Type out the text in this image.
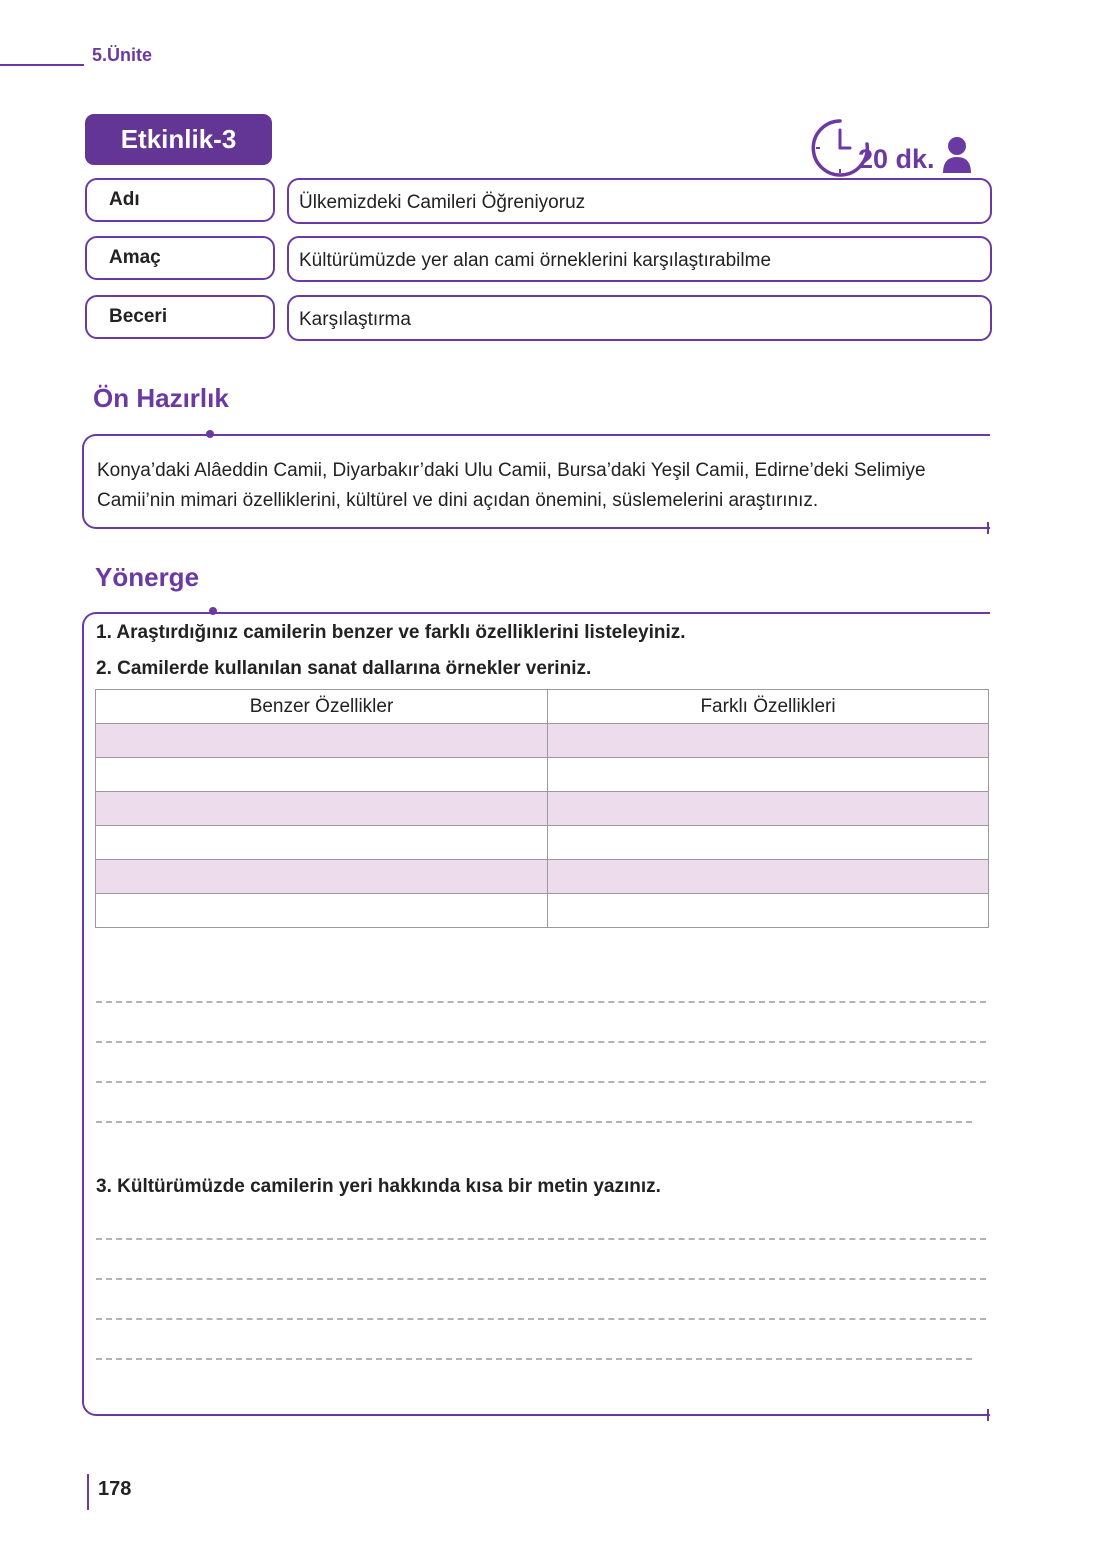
5.Ünite
Etkinlik-3
20 dk.
Adı	Ülkemizdeki Camileri Öğreniyoruz
Amaç	Kültürümüzde yer alan cami örneklerini karşılaştırabilme
Beceri	Karşılaştırma
Ön Hazırlık
Konya’daki Alâeddin Camii, Diyarbakır’daki Ulu Camii, Bursa’daki Yeşil Camii, Edirne’deki Selimiye
Camii’nin mimari özelliklerini, kültürel ve dini açıdan önemini, süslemelerini araştırınız.
Yönerge
1. Araştırdığınız camilerin benzer ve farklı özelliklerini listeleyiniz.
2. Camilerde kullanılan sanat dallarına örnekler veriniz.
Benzer Özellikler	Farklı Özellikleri

3. Kültürümüzde camilerin yeri hakkında kısa bir metin yazınız.
178
